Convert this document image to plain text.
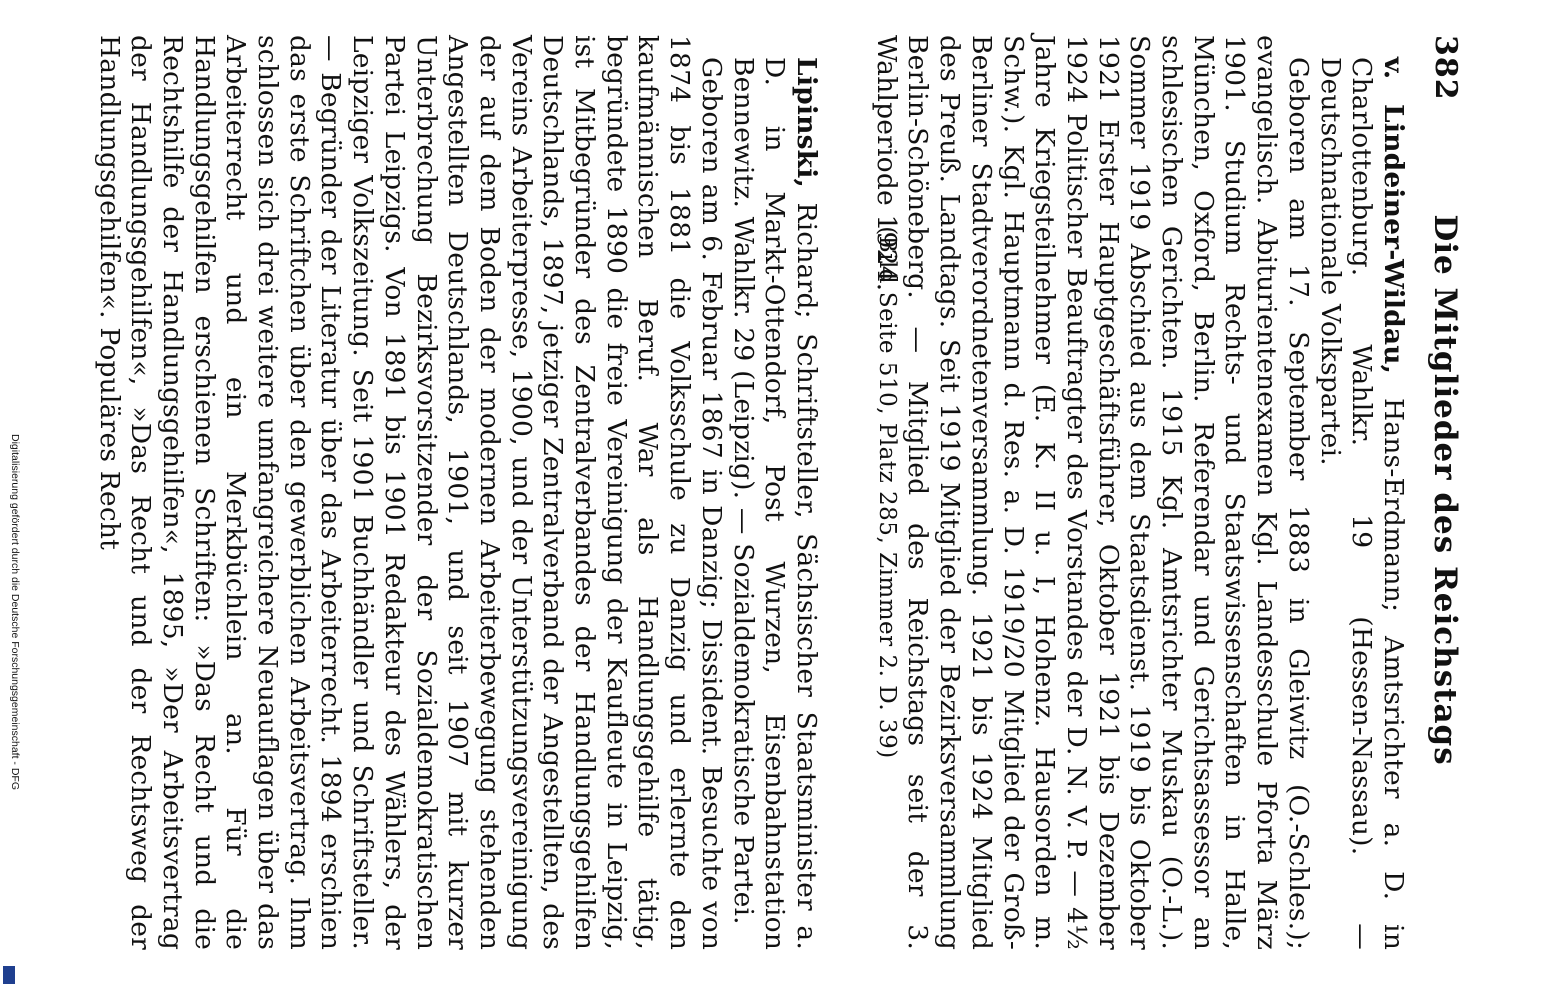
Die Mitglieder des Reichstags
382

v. Lindeiner-Wildau, Hans-Erdmann; Amtsrichter a. D. in Charlottenburg. Wahlkr. 19 (Hessen-Nassau). — Deutschnationale Volkspartei.

Geboren am 17. September 1883 in Gleiwitz (O.-Schles.); evangelisch. Abiturientenexamen Kgl. Landesschule Pforta März 1901. Studium Rechts- und Staatswissenschaften in Halle, München, Oxford, Berlin. Referendar und Gerichtsassessor an schlesischen Gerichten. 1915 Kgl. Amtsrichter Muskau (O.-L.). Sommer 1919 Abschied aus dem Staatsdienst. 1919 bis Oktober 1921 Erster Hauptgeschäftsführer, Oktober 1921 bis Dezember 1924 Politischer Beauftragter des Vorstandes der D. N. V. P. — 4½ Jahre Kriegsteilnehmer (E. K. II u. I, Hohenz. Hausorden m. Schw.). Kgl. Hauptmann d. Res. a. D. 1919/20 Mitglied der Groß-Berliner Stadtverordnetenversammlung. 1921 bis 1924 Mitglied des Preuß. Landtags. Seit 1919 Mitglied der Bezirksversammlung Berlin-Schöneberg. — Mitglied des Reichstags seit der 3. Wahlperiode 1924.

(Bild Seite 510, Platz 285, Zimmer 2. D. 39)

Lipinski, Richard; Schriftsteller, Sächsischer Staatsminister a. D. in Markt-Ottendorf, Post Wurzen, Eisenbahnstation Bennewitz. Wahlkr. 29 (Leipzig). — Sozialdemokratische Partei.

Geboren am 6. Februar 1867 in Danzig; Dissident. Besuchte von 1874 bis 1881 die Volksschule zu Danzig und erlernte den kaufmännischen Beruf. War als Handlungsgehilfe tätig, begründete 1890 die freie Vereinigung der Kaufleute in Leipzig, ist Mitbegründer des Zentralverbandes der Handlungsgehilfen Deutschlands, 1897, jetziger Zentralverband der Angestellten, des Vereins Arbeiterpresse, 1900, und der Unterstützungsvereinigung der auf dem Boden der modernen Arbeiterbewegung stehenden Angestellten Deutschlands, 1901, und seit 1907 mit kurzer Unterbrechung Bezirksvorsitzender der Sozialdemokratischen Partei Leipzigs. Von 1891 bis 1901 Redakteur des Wählers, der Leipziger Volkszeitung. Seit 1901 Buchhändler und Schriftsteller. — Begründer der Literatur über das Arbeiterrecht. 1894 erschien das erste Schriftchen über den gewerblichen Arbeitsvertrag. Ihm schlossen sich drei weitere umfangreichere Neuauflagen über das Arbeiterrecht und ein Merkbüchlein an. Für die Handlungsgehilfen erschienen Schriften: »Das Recht und die Rechtshilfe der Handlungsgehilfen«, 1895, »Der Arbeitsvertrag der Handlungsgehilfen«, »Das Recht und der Rechtsweg der Handlungsgehilfen«. Populäres Recht

Digitalisierung gefördert durch die Deutsche Forschungsgemeinschaft - DFG
